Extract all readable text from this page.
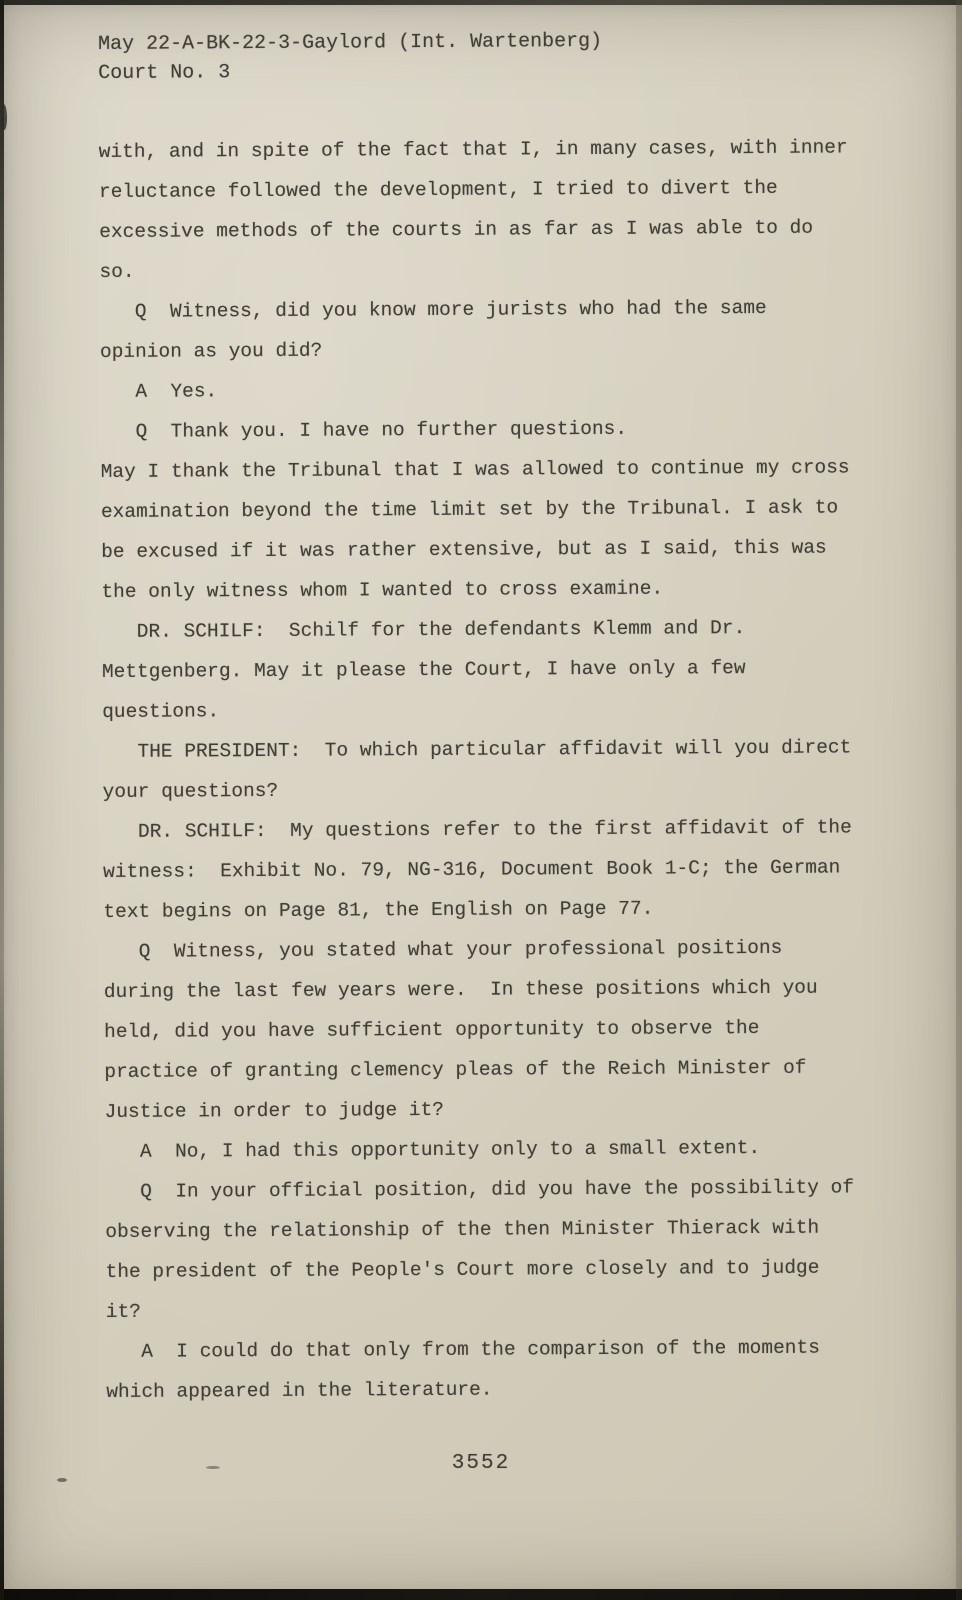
May 22-A-BK-22-3-Gaylord (Int. Wartenberg)
Court No. 3

with, and in spite of the fact that I, in many cases, with inner reluctance followed the development, I tried to divert the excessive methods of the courts in as far as I was able to do so.

Q  Witness, did you know more jurists who had the same opinion as you did?

A  Yes.

Q  Thank you. I have no further questions.

May I thank the Tribunal that I was allowed to continue my cross examination beyond the time limit set by the Tribunal. I ask to be excused if it was rather extensive, but as I said, this was the only witness whom I wanted to cross examine.

DR. SCHILF:  Schilf for the defendants Klemm and Dr. Mettgenberg. May it please the Court, I have only a few questions.

THE PRESIDENT:  To which particular affidavit will you direct your questions?

DR. SCHILF:  My questions refer to the first affidavit of the witness:  Exhibit No. 79, NG-316, Document Book 1-C; the German text begins on Page 81, the English on Page 77.

Q  Witness, you stated what your professional positions during the last few years were.  In these positions which you held, did you have sufficient opportunity to observe the practice of granting clemency pleas of the Reich Minister of Justice in order to judge it?

A  No, I had this opportunity only to a small extent.

Q  In your official position, did you have the possibility of observing the relationship of the then Minister Thierack with the president of the People's Court more closely and to judge it?

A  I could do that only from the comparison of the moments which appeared in the literature.

3552
